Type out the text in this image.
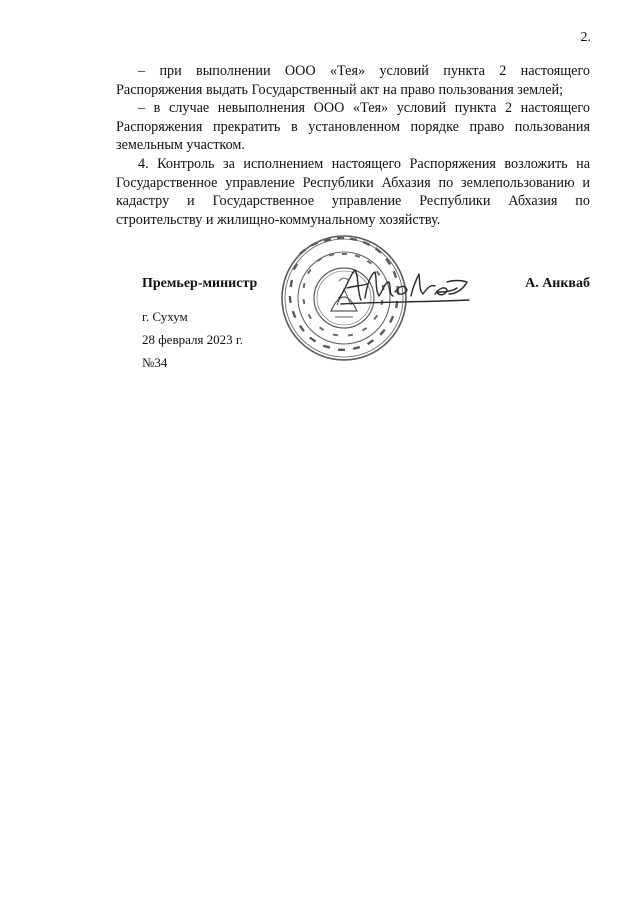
2.

– при выполнении ООО «Тея» условий пункта 2 настоящего Распоряжения выдать Государственный акт на право пользования землей;

– в случае невыполнения ООО «Тея» условий пункта 2 настоящего Распоряжения прекратить в установленном порядке право пользования земельным участком.

4. Контроль за исполнением настоящего Распоряжения возложить на Государственное управление Республики Абхазия по землепользованию и кадастру и Государственное управление Республики Абхазия по строительству и жилищно-коммунальному хозяйству.

Премьер-министр	А. Анкваб
г. Сухум
28 февраля 2023 г.
№34
